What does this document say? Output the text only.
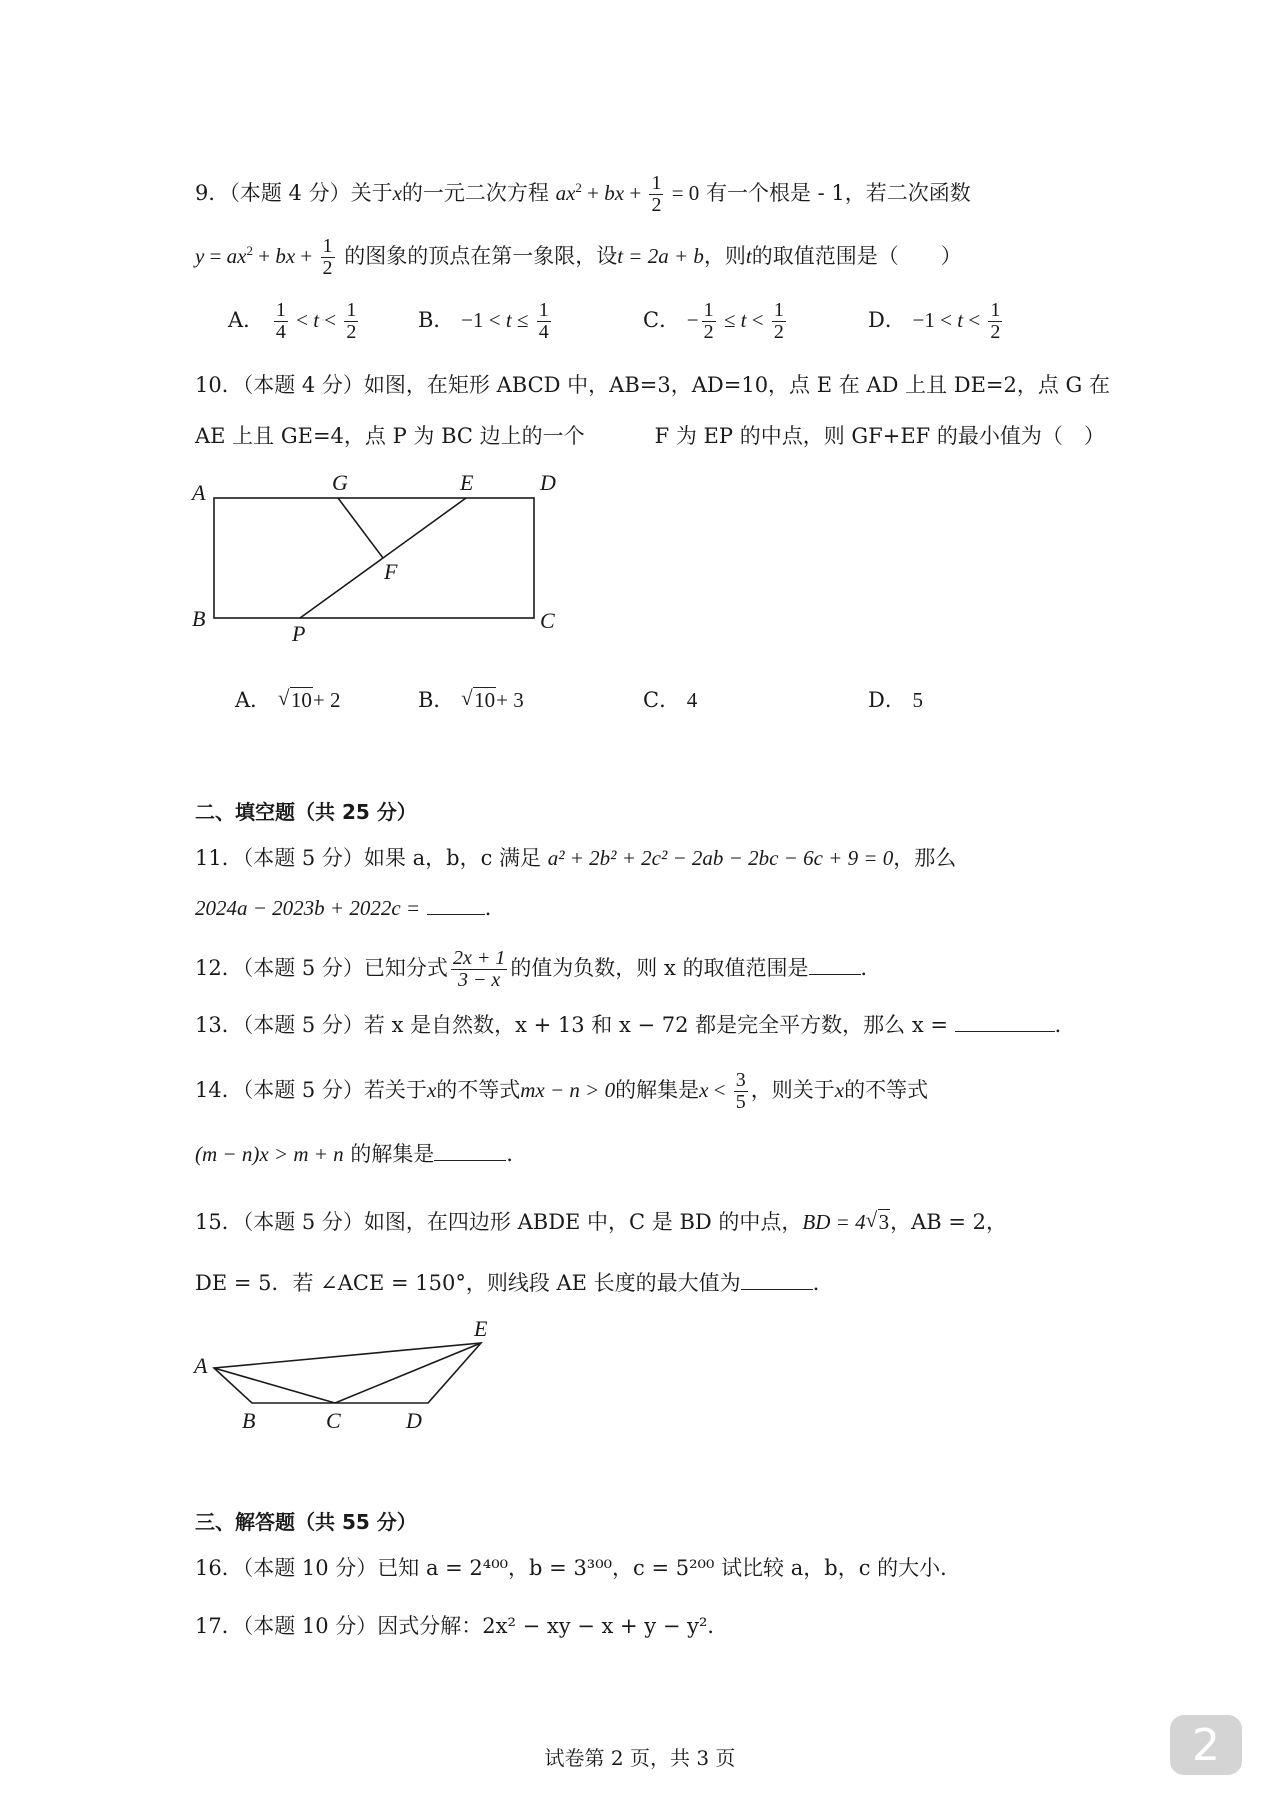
9．（本题 4 分）关于x的一元二次方程 $ax^2$ + bx + $\frac{1}{2} = 0$ 有一个根是 - 1，若二次函数
$y = ax^2$ + bx + $\frac{1}{2}$ 的图象的顶点在第一象限，设t = 2a + b，则t的取值范围是（　　）
A． $\frac{1}{4} < t < \frac{1}{2}$	B． $-1 < t \le \frac{1}{4}$	C． − $\frac{1}{2} \le t < \frac{1}{2}$	D． $-1 < t < \frac{1}{2}$
10．（本题 4 分）如图，在矩形 ABCD 中，AB=3，AD=10，点 E 在 AD 上且 DE=2，点 G 在
AE 上且 GE=4，点 P 为 BC 边上的一个	F 为 EP 的中点，则 GF+EF 的最小值为（　）
A	G	E	D
F
B
P
C
A． √ 10+ 2	B． √ 10+ 3	C． 4	D． 5
二、填空题（共 25 分）
11．（本题 5 分）如果 a，b，c 满足 a² + 2b² + 2c² − 2ab − 2bc − 6c + 9 = 0，那么
2024a − 2023b + 2022c =	．
12．（本题 5 分）已知分式 $\frac{2x + 1}{3 - x}$ 的值为负数，则 x 的取值范围是 ．
13．（本题 5 分）若 x 是自然数，x + 13 和 x − 72 都是完全平方数，那么 x =	．
14．（本题 5 分）若关于x的不等式mx − n > 0的解集是$x < \frac{3}{5}$ ，则关于x的不等式
(m − n)x > m + n 的解集是	．
15．（本题 5 分）如图，在四边形 ABDE 中，C 是 BD 的中点，BD = 4 √ 3，AB = 2，
DE = 5．若 ∠ACE = 150°，则线段 AE 长度的最大值为	．
E
A
B	C	D
三、解答题（共 55 分）
16．（本题 10 分）已知 a = 2⁴⁰⁰，b = 3³⁰⁰，c = 5²⁰⁰ 试比较 a，b，c 的大小．
17．（本题 10 分）因式分解：2x² − xy − x + y − y²．
试卷第 2 页，共 3 页	2
